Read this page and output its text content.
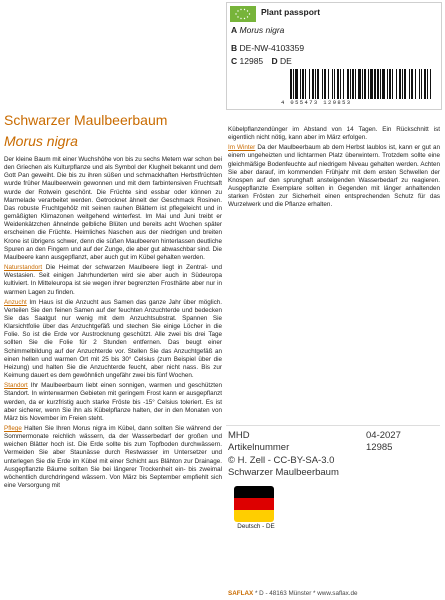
Plant passport
A Morus nigra
B DE-NW-4103359
C 12985 D DE
4 055473 129853
Schwarzer Maulbeerbaum
Morus nigra

Der kleine Baum mit einer Wuchshöhe von bis zu sechs Metern war schon bei den Griechen als Kulturpflanze und als Symbol der Klugheit bekannt und dem Gott Pan geweiht. Die bis zu ihren süßen und schmackhaften Herbstfrüchten wurde früher Maulbeerwein gewonnen und mit dem farbintensiven Fruchtsaft wurde der Rotwein geschönt. Die Früchte sind essbar oder können zu Marmelade verarbeitet werden. Getrocknet ähnelt der Geschmack Rosinen. Das robuste Fruchtgehölz mit seinen rauhen Blättern ist pflegeleicht und in gemäßigten Klimazonen weitgehend winterfest. Im Mai und Juni treibt er Weidenkätzchen ähnelnde gelbliche Blüten und bereits acht Wochen später erscheinen die Früchte. Heimliches Naschen aus der niedrigen und breiten Krone ist übrigens schwer, denn die süßen Maulbeeren hinterlassen deutliche Spuren an den Fingern und auf der Zunge, die aber gut abwaschbar sind. Die Maulbeere kann ausgepflanzt, aber auch gut im Kübel gehalten werden.

Naturstandort Die Heimat der schwarzen Maulbeere liegt in Zentral- und Westasien. Seit einigen Jahrhunderten wird sie aber auch in Südeuropa kultiviert. In Mitteleuropa ist sie wegen ihrer begrenzten Frosthärte aber nur in warmen Lagen zu finden.

Anzucht Im Haus ist die Anzucht aus Samen das ganze Jahr über möglich. Verteilen Sie den feinen Samen auf der feuchten Anzuchterde und bedecken Sie das Saatgut nur wenig mit dem Anzuchtsubstrat. Spannen Sie Klarsichtfolie über das Anzuchtgefäß und stechen Sie einige Löcher in die Folie. So ist die Erde vor Austrocknung geschützt. Alle zwei bis drei Tage sollten Sie die Folie für 2 Stunden entfernen. Das beugt einer Schimmelbildung auf der Anzuchterde vor. Stellen Sie das Anzuchtgefäß an einen hellen und warmen Ort mit 25 bis 30° Celsius (zum Beispiel über die Heizung) und halten Sie die Anzuchterde feucht, aber nicht nass. Bis zur Keimung dauert es dem gewöhnlich ungefähr zwei bis fünf Wochen.

Standort Ihr Maulbeerbaum liebt einen sonnigen, warmen und geschützten Standort. In winterwarmen Gebieten mit geringem Frost kann er ausgepflanzt werden, da er kurzfristig auch starke Fröste bis -15° Celsius toleriert. Es ist aber sicherer, wenn Sie ihn als Kübelpflanze halten, der in den Monaten von März bis November im Freien steht.

Pflege Halten Sie Ihren Morus nigra im Kübel, dann sollten Sie während der Sommermonate reichlich wässern, da der Wasserbedarf der großen und weichen Blätter hoch ist. Die Erde sollte bis zum Topfboden durchwässern. Vermeiden Sie aber Staunässe durch Restwasser im Untersetzer und unterlegen Sie die Erde im Kübel mit einer Schicht aus Blähton zur Drainage. Ausgepflanzte Bäume sollten Sie bei längerer Trockenheit ein- bis zweimal wöchentlich durchdringend wässern. Von März bis September empfiehlt sich eine Versorgung mit

Kübelpflanzendünger im Abstand von 14 Tagen. Ein Rückschnitt ist eigentlich nicht nötig, kann aber im März erfolgen.

Im Winter Da der Maulbeerbaum ab dem Herbst laublos ist, kann er gut an einem ungeheizten und lichtarmen Platz überwintern. Trotzdem sollte eine gleichmäßige Bodenfeuchte auf niedrigem Niveau gehalten werden. Achten Sie aber darauf, im kommenden Frühjahr mit dem ersten Schwellen der Knospen auf den sprunghaft ansteigenden Wasserbedarf zu reagieren. Ausgepflanzte Exemplare sollten in Gegenden mit länger anhaltenden starken Frösten zur Sicherheit einen entsprechenden Schutz für das Wurzelwerk und die Pflanze erhalten.

MHD	04-2027
Artikelnummer	12985
© H. Zell - CC-BY-SA-3.0
Schwarzer Maulbeerbaum
Deutsch - DE
SAFLAX * D - 48163 Münster * www.saflax.de
